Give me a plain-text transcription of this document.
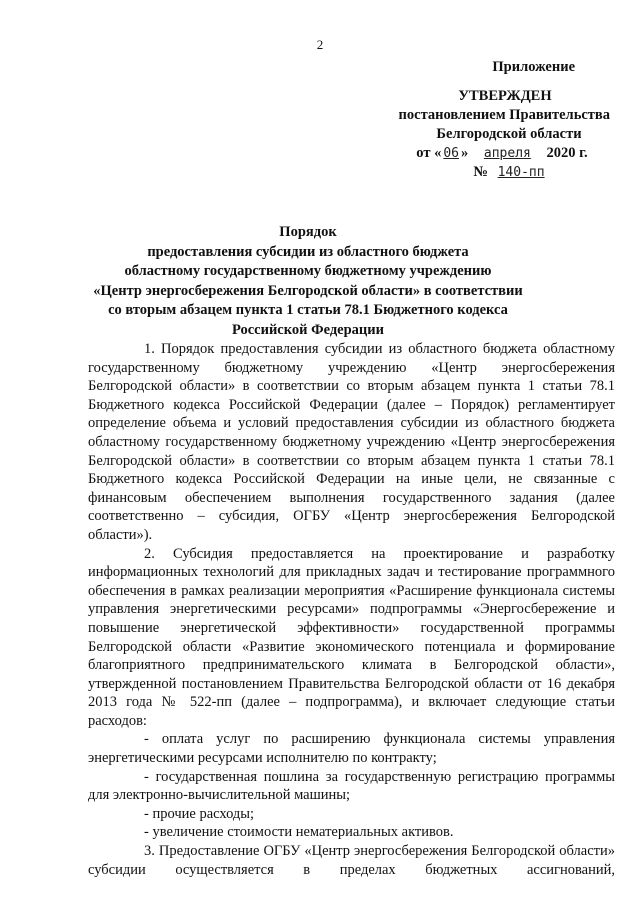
2
Приложение
УТВЕРЖДЕН
постановлением Правительства
Белгородской области
от « 06 » апреля 2020 г.
№ 140-пп
Порядок
предоставления субсидии из областного бюджета
областному государственному бюджетному учреждению
«Центр энергосбережения Белгородской области» в соответствии
со вторым абзацем пункта 1 статьи 78.1 Бюджетного кодекса
Российской Федерации

1. Порядок предоставления субсидии из областного бюджета областному государственному бюджетному учреждению «Центр энергосбережения Белгородской области» в соответствии со вторым абзацем пункта 1 статьи 78.1 Бюджетного кодекса Российской Федерации (далее – Порядок) регламентирует определение объема и условий предоставления субсидии из областного бюджета областному государственному бюджетному учреждению «Центр энергосбережения Белгородской области» в соответствии со вторым абзацем пункта 1 статьи 78.1 Бюджетного кодекса Российской Федерации на иные цели, не связанные с финансовым обеспечением выполнения государственного задания (далее соответственно – субсидия, ОГБУ «Центр энергосбережения Белгородской области»).

2. Субсидия предоставляется на проектирование и разработку информационных технологий для прикладных задач и тестирование программного обеспечения в рамках реализации мероприятия «Расширение функционала системы управления энергетическими ресурсами» подпрограммы «Энергосбережение и повышение энергетической эффективности» государственной программы Белгородской области «Развитие экономического потенциала и формирование благоприятного предпринимательского климата в Белгородской области», утвержденной постановлением Правительства Белгородской области от 16 декабря 2013 года № 522-пп (далее – подпрограмма), и включает следующие статьи расходов:

- оплата услуг по расширению функционала системы управления энергетическими ресурсами исполнителю по контракту;

- государственная пошлина за государственную регистрацию программы для электронно-вычислительной машины;

- прочие расходы;

- увеличение стоимости нематериальных активов.

3. Предоставление ОГБУ «Центр энергосбережения Белгородской области» субсидии осуществляется в пределах бюджетных ассигнований,
